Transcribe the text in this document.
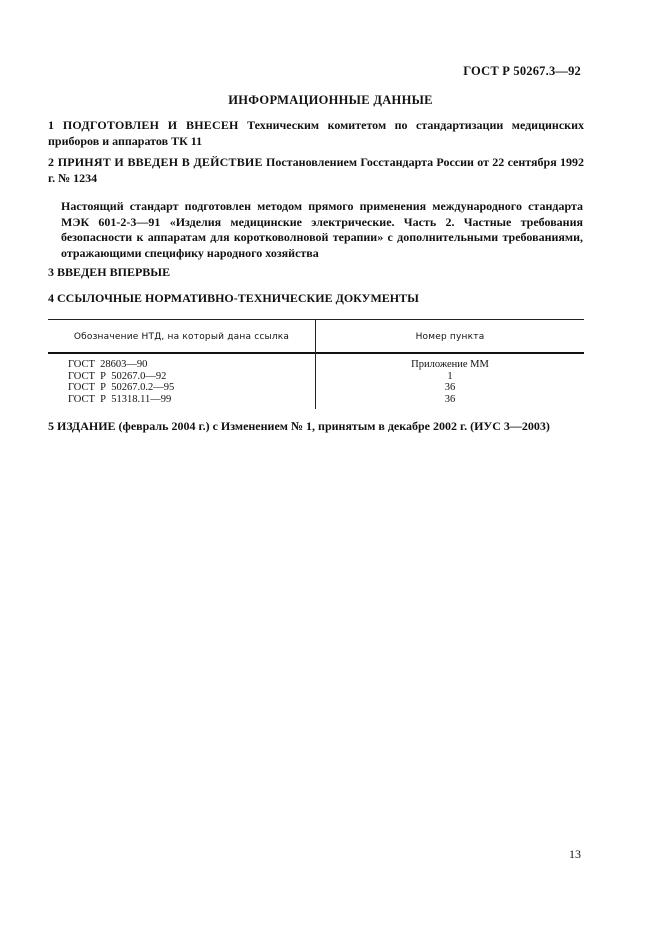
ГОСТ Р 50267.3—92
ИНФОРМАЦИОННЫЕ ДАННЫЕ
1 ПОДГОТОВЛЕН И ВНЕСЕН Техническим комитетом по стандартизации медицинских приборов и аппаратов ТК 11
2 ПРИНЯТ И ВВЕДЕН В ДЕЙСТВИЕ Постановлением Госстандарта России от 22 сентября 1992 г. № 1234
Настоящий стандарт подготовлен методом прямого применения международного стандарта МЭК 601-2-3—91 «Изделия медицинские электрические. Часть 2. Частные требования безопасности к аппаратам для коротковолновой терапии» с дополнительными требованиями, отражающими специфику народного хозяйства
3 ВВЕДЕН ВПЕРВЫЕ
4 ССЫЛОЧНЫЕ НОРМАТИВНО-ТЕХНИЧЕСКИЕ ДОКУМЕНТЫ
Обозначение НТД, на который дана ссылка	Номер пункта
ГОСТ  28603—90
ГОСТ  Р  50267.0—92
ГОСТ  Р  50267.0.2—95
ГОСТ  Р  51318.11—99
Приложение ММ
1
36
36
5 ИЗДАНИЕ (февраль 2004 г.) с Изменением № 1, принятым в декабре 2002 г. (ИУС 3—2003)
13
